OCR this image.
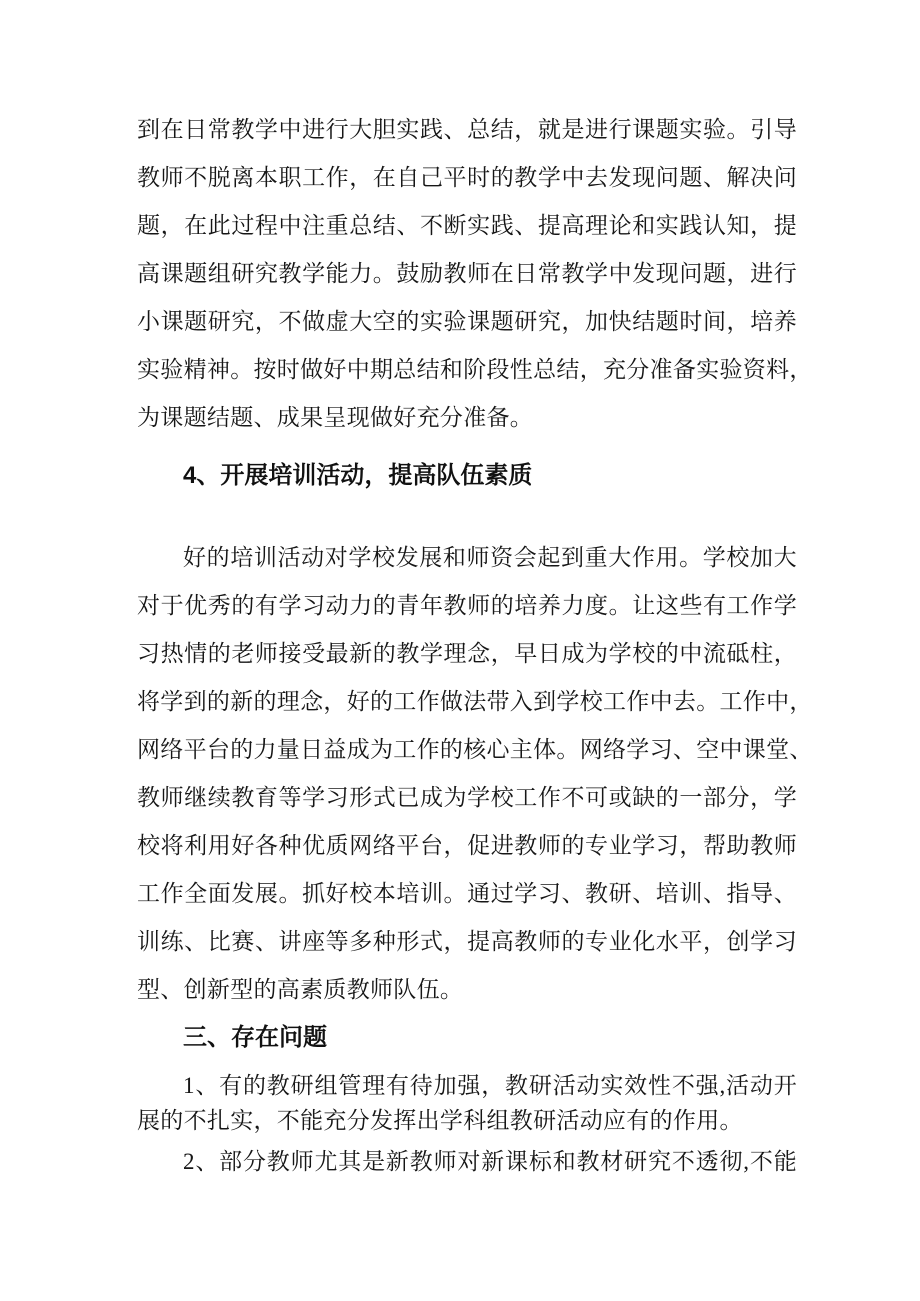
到在日常教学中进行大胆实践、总结，就是进行课题实验。引导
教师不脱离本职工作，在自己平时的教学中去发现问题、解决问
题，在此过程中注重总结、不断实践、提高理论和实践认知，提
高课题组研究教学能力。鼓励教师在日常教学中发现问题，进行
小课题研究，不做虚大空的实验课题研究，加快结题时间，培养
实验精神。按时做好中期总结和阶段性总结，充分准备实验资料，
为课题结题、成果呈现做好充分准备。
4、开展培训活动，提高队伍素质
好的培训活动对学校发展和师资会起到重大作用。学校加大
对于优秀的有学习动力的青年教师的培养力度。让这些有工作学
习热情的老师接受最新的教学理念，早日成为学校的中流砥柱，
将学到的新的理念，好的工作做法带入到学校工作中去。工作中，
网络平台的力量日益成为工作的核心主体。网络学习、空中课堂、
教师继续教育等学习形式已成为学校工作不可或缺的一部分，学
校将利用好各种优质网络平台，促进教师的专业学习，帮助教师
工作全面发展。抓好校本培训。通过学习、教研、培训、指导、
训练、比赛、讲座等多种形式，提高教师的专业化水平，创学习
型、创新型的高素质教师队伍。
三、存在问题
1、有的教研组管理有待加强，教研活动实效性不强,活动开
展的不扎实，不能充分发挥出学科组教研活动应有的作用。
2、部分教师尤其是新教师对新课标和教材研究不透彻,不能
